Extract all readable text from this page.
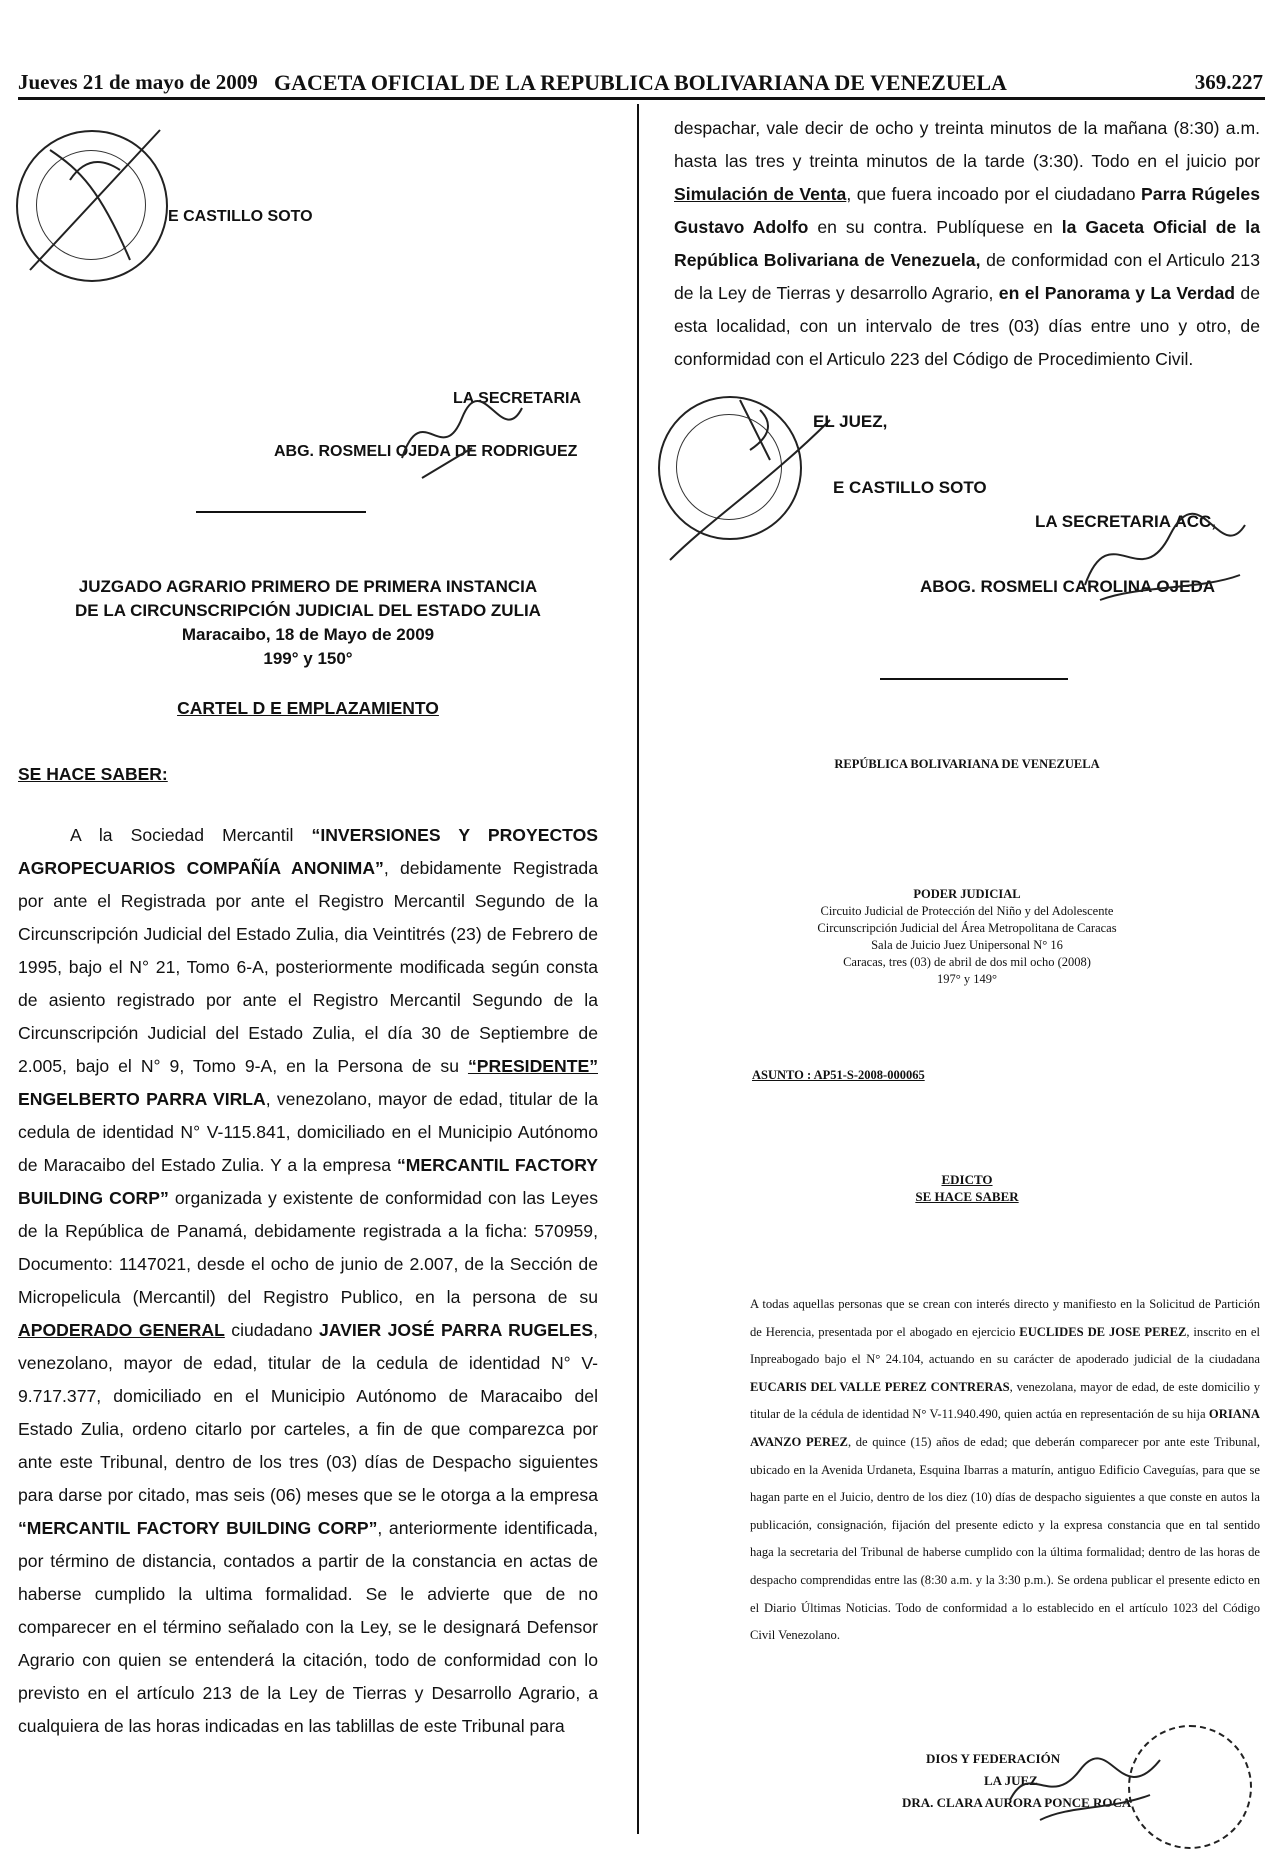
Jueves 21 de mayo de 2009 GACETA OFICIAL DE LA REPUBLICA BOLIVARIANA DE VENEZUELA	369.227
E CASTILLO SOTO
LA SECRETARIA
ABG. ROSMELI OJEDA DE RODRIGUEZ
JUZGADO AGRARIO PRIMERO DE PRIMERA INSTANCIA
DE LA CIRCUNSCRIPCIÓN JUDICIAL DEL ESTADO ZULIA
Maracaibo, 18 de Mayo de 2009
199° y 150°
CARTEL D E EMPLAZAMIENTO
SE HACE SABER:

A la Sociedad Mercantil “INVERSIONES Y PROYECTOS AGROPECUARIOS COMPAÑÍA ANONIMA”, debidamente Registrada por ante el Registrada por ante el Registro Mercantil Segundo de la Circunscripción Judicial del Estado Zulia, dia Veintitrés (23) de Febrero de 1995, bajo el N° 21, Tomo 6-A, posteriormente modificada según consta de asiento registrado por ante el Registro Mercantil Segundo de la Circunscripción Judicial del Estado Zulia, el día 30 de Septiembre de 2.005, bajo el N° 9, Tomo 9-A, en la Persona de su “PRESIDENTE” ENGELBERTO PARRA VIRLA, venezolano, mayor de edad, titular de la cedula de identidad N° V-115.841, domiciliado en el Municipio Autónomo de Maracaibo del Estado Zulia. Y a la empresa “MERCANTIL FACTORY BUILDING CORP” organizada y existente de conformidad con las Leyes de la República de Panamá, debidamente registrada a la ficha: 570959, Documento: 1147021, desde el ocho de junio de 2.007, de la Sección de Micropelicula (Mercantil) del Registro Publico, en la persona de su APODERADO GENERAL ciudadano JAVIER JOSÉ PARRA RUGELES, venezolano, mayor de edad, titular de la cedula de identidad N° V-9.717.377, domiciliado en el Municipio Autónomo de Maracaibo del Estado Zulia, ordeno citarlo por carteles, a fin de que comparezca por ante este Tribunal, dentro de los tres (03) días de Despacho siguientes para darse por citado, mas seis (06) meses que se le otorga a la empresa “MERCANTIL FACTORY BUILDING CORP”, anteriormente identificada, por término de distancia, contados a partir de la constancia en actas de haberse cumplido la ultima formalidad. Se le advierte que de no comparecer en el término señalado con la Ley, se le designará Defensor Agrario con quien se entenderá la citación, todo de conformidad con lo previsto en el artículo 213 de la Ley de Tierras y Desarrollo Agrario, a cualquiera de las horas indicadas en las tablillas de este Tribunal para

despachar, vale decir de ocho y treinta minutos de la mañana (8:30) a.m. hasta las tres y treinta minutos de la tarde (3:30). Todo en el juicio por Simulación de Venta, que fuera incoado por el ciudadano Parra Rúgeles Gustavo Adolfo en su contra. Publíquese en la Gaceta Oficial de la República Bolivariana de Venezuela, de conformidad con el Articulo 213 de la Ley de Tierras y desarrollo Agrario, en el Panorama y La Verdad de esta localidad, con un intervalo de tres (03) días entre uno y otro, de conformidad con el Articulo 223 del Código de Procedimiento Civil.
EL JUEZ,
E CASTILLO SOTO
LA SECRETARIA ACC,
ABOG. ROSMELI CAROLINA OJEDA
REPÚBLICA BOLIVARIANA DE VENEZUELA
PODER JUDICIAL
Circuito Judicial de Protección del Niño y del Adolescente
Circunscripción Judicial del Área Metropolitana de Caracas
Sala de Juicio Juez Unipersonal N° 16
Caracas, tres (03) de abril de dos mil ocho (2008)
197° y 149°
ASUNTO : AP51-S-2008-000065
EDICTO
SE HACE SABER
A todas aquellas personas que se crean con interés directo y manifiesto en la Solicitud de Partición de Herencia, presentada por el abogado en ejercicio EUCLIDES DE JOSE PEREZ, inscrito en el Inpreabogado bajo el N° 24.104, actuando en su carácter de apoderado judicial de la ciudadana EUCARIS DEL VALLE PEREZ CONTRERAS, venezolana, mayor de edad, de este domicilio y titular de la cédula de identidad N° V-11.940.490, quien actúa en representación de su hija ORIANA AVANZO PEREZ, de quince (15) años de edad; que deberán comparecer por ante este Tribunal, ubicado en la Avenida Urdaneta, Esquina Ibarras a maturín, antiguo Edificio Caveguías, para que se hagan parte en el Juicio, dentro de los diez (10) días de despacho siguientes a que conste en autos la publicación, consignación, fijación del presente edicto y la expresa constancia que en tal sentido haga la secretaria del Tribunal de haberse cumplido con la última formalidad; dentro de las horas de despacho comprendidas entre las (8:30 a.m. y la 3:30 p.m.). Se ordena publicar el presente edicto en el Diario Últimas Noticias. Todo de conformidad a lo establecido en el artículo 1023 del Código Civil Venezolano.
DIOS Y FEDERACIÓN
LA JUEZ
DRA. CLARA AURORA PONCE ROCA
